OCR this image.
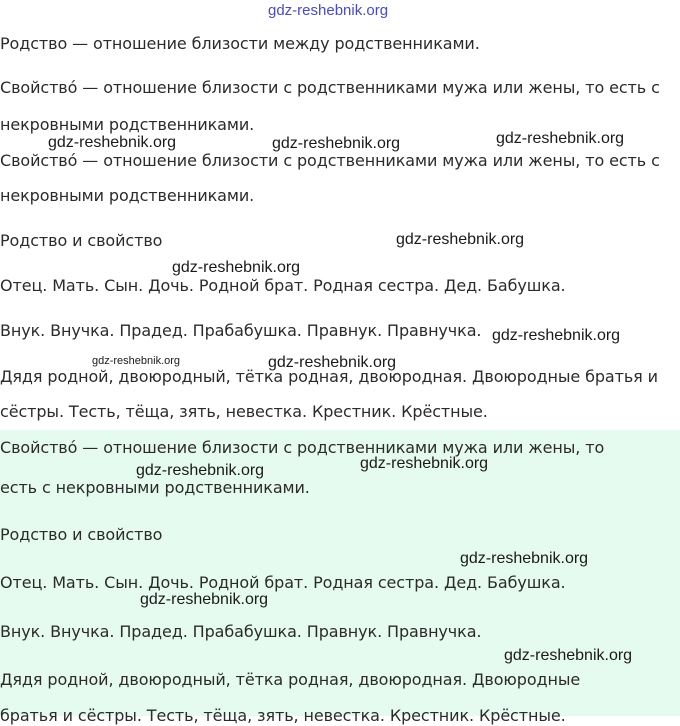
Родство — отношение близости между родственниками.
Свойствó — отношение близости с родственниками мужа или жены, то есть с
некровными родственниками.
Свойствó — отношение близости с родственниками мужа или жены, то есть с
некровными родственниками.
Родство и свойство
Отец. Мать. Сын. Дочь. Родной брат. Родная сестра. Дед. Бабушка.
Внук. Внучка. Прадед. Прабабушка. Правнук. Правнучка.
Дядя родной, двоюродный, тётка родная, двоюродная. Двоюродные братья и
сёстры. Тесть, тёща, зять, невестка. Крестник. Крёстные.
Свойствó — отношение близости с родственниками мужа или жены, то
есть с некровными родственниками.
Родство и свойство
Отец. Мать. Сын. Дочь. Родной брат. Родная сестра. Дед. Бабушка.
Внук. Внучка. Прадед. Прабабушка. Правнук. Правнучка.
Дядя родной, двоюродный, тётка родная, двоюродная. Двоюродные
братья и сёстры. Тесть, тёща, зять, невестка. Крестник. Крёстные.
gdz-reshebnik.org
gdz-reshebnik.org	gdz-reshebnik.org	gdz-reshebnik.org
gdz-reshebnik.org
gdz-reshebnik.org
gdz-reshebnik.org
gdz-reshebnik.org	gdz-reshebnik.org
gdz-reshebnik.org
gdz-reshebnik.org
gdz-reshebnik.org
gdz-reshebnik.org
gdz-reshebnik.org
